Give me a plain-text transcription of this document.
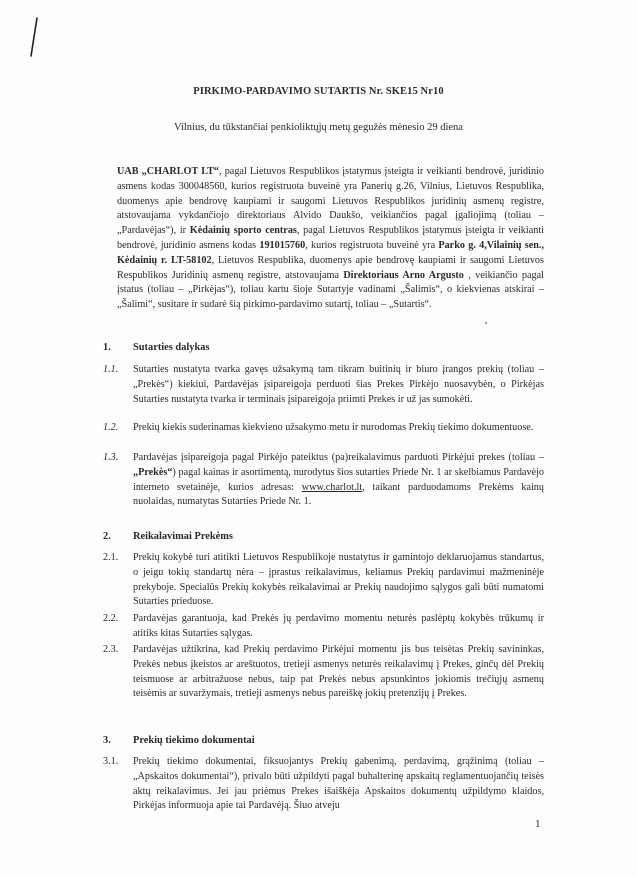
PIRKIMO-PARDAVIMO SUTARTIS Nr. SKE15 Nr10
Vilnius, du tūkstančiai penkioliktųjų metų gegužės mėnesio 29 diena
UAB „CHARLOT LT“, pagal Lietuvos Respublikos įstatymus įsteigta ir veikianti bendrovė, juridinio asmens kodas 300048560, kurios registruota buveinė yra Panerių g.26, Vilnius, Lietuvos Respublika, duomenys apie bendrovę kaupiami ir saugomi Lietuvos Respublikos juridinių asmenų registre, atstovaujama vykdančiojo direktoriaus Alvido Daukšo, veikiančios pagal įgaliojimą (toliau – „Pardavėjas“), ir Kėdainių sporto centras, pagal Lietuvos Respublikos įstatymus įsteigta ir veikianti bendrovė, juridinio asmens kodas 191015760, kurios registruota buveinė yra Parko g. 4,Vilainių sen., Kėdainių r. LT-58102, Lietuvos Respublika, duomenys apie bendrovę kaupiami ir saugomi Lietuvos Respublikos Juridinių asmenų registre, atstovaujama Direktoriaus Arno Argusto , veikiančio pagal įstatus (toliau – „Pirkėjas“), toliau kartu šioje Sutartyje vadinami „Šalimis“, o kiekvienas atskirai – „Šalimi“, susitare ir sudarė šią pirkimo-pardavimo sutartį, toliau – „Sutartis“.
1. Sutarties dalykas
1.1.	Sutarties nustatyta tvarka gavęs užsakymą tam tikram buitinių ir biuro įrangos prekių (toliau – „Prekės“) kiekiui, Pardavėjas įsipareigoja perduoti šias Prekes Pirkėjo nuosavybėn, o Pirkėjas Sutarties nustatyta tvarka ir terminais įsipareigoja priimti Prekes ir už jas sumokėti.
1.2.	Prekių kiekis suderinamas kiekvieno užsakymo metu ir nurodomas Prekių tiekimo dokumentuose.
1.3.	Pardavėjas įsipareigoja pagal Pirkėjo pateiktus (pa)reikalavimus parduoti Pirkėjui prekes (toliau – „Prekės“) pagal kainas ir asortimentą, nurodytus šios sutarties Priede Nr. 1 ar skelbiamus Pardavėjo interneto svetainėje, kurios adresas: www.charlot.lt, taikant parduodamoms Prekėms kainų nuolaidas, numatytas Sutarties Priede Nr. 1.
2. Reikalavimai Prekėms
2.1.	Prekių kokybė turi atitikti Lietuvos Respublikoje nustatytus ir gamintojo deklaruojamus standartus, o jeigu tokių standartų nėra – įprastus reikalavimus, keliamus Prekių pardavimui mažmeninėje prekyboje. Specialūs Prekių kokybės reikalavimai ar Prekių naudojimo sąlygos gali būti numatomi Sutarties prieduose.
2.2.	Pardavėjas garantuoja, kad Prekės jų perdavimo momentu neturės paslėptų kokybės trūkumų ir atitiks kitas Sutarties sąlygas.
2.3.	Pardavėjas užtikrina, kad Prekių perdavimo Pirkėjui momentu jis bus teisėtas Prekių savininkas, Prekės nebus įkeistos ar areštuotos, tretieji asmenys neturės reikalavimų į Prekes, ginčų dėl Prekių teismuose ar arbitražuose nebus, taip pat Prekės nebus apsunkintos jokiomis trečiųjų asmenų teisėmis ar suvaržymais, tretieji asmenys nebus pareiškę jokių pretenzijų į Prekes.
3. Prekių tiekimo dokumentai
3.1.	Prekių tiekimo dokumentai, fiksuojantys Prekių gabenimą, perdavimą, grąžinimą (toliau – „Apskaitos dokumentai“), privalo būti užpildyti pagal buhalterinę apskaitą reglamentuojančių teisės aktų reikalavimus. Jei jau priėmus Prekes išaiškėja Apskaitos dokumentų užpildymo klaidos, Pirkėjas informuoja apie tai Pardavėją. Šiuo atveju
1
